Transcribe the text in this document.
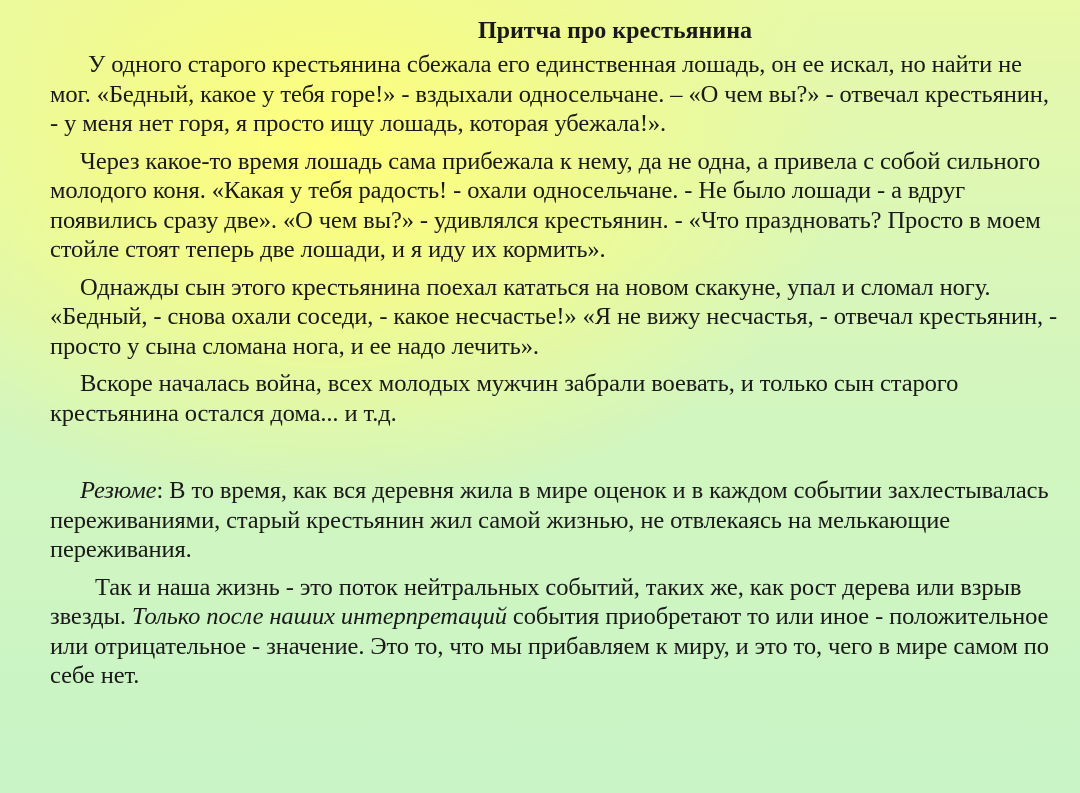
Притча про крестьянина

У одного старого крестьянина сбежала его единственная лошадь, он ее искал, но найти не мог. «Бедный, какое у тебя горе!» - вздыхали односельчане. – «О чем вы?» - отвечал крестьянин, - у меня нет горя, я просто ищу лошадь, которая убежала!».

Через какое-то время лошадь сама прибежала к нему, да не одна, а привела с собой сильного молодого коня. «Какая у тебя радость! - охали односельчане. - Не было лошади - а вдруг появились сразу две». «О чем вы?» - удивлялся крестьянин. - «Что праздновать? Просто в моем стойле стоят теперь две лошади, и я иду их кормить».

Однажды сын этого крестьянина поехал кататься на новом скакуне, упал и сломал ногу. «Бедный, - снова охали соседи, - какое несчастье!» «Я не вижу несчастья, - отвечал крестьянин, - просто у сына сломана нога, и ее надо лечить».

Вскоре началась война, всех молодых мужчин забрали воевать, и только сын старого крестьянина остался дома... и т.д.

Резюме: В то время, как вся деревня жила в мире оценок и в каждом событии захлестывалась переживаниями, старый крестьянин жил самой жизнью, не отвлекаясь на мелькающие переживания.

Так и наша жизнь - это поток нейтральных событий, таких же, как рост дерева или взрыв звезды. Только после наших интерпретаций события приобретают то или иное - положительное или отрицательное - значение. Это то, что мы прибавляем к миру, и это то, чего в мире самом по себе нет.
